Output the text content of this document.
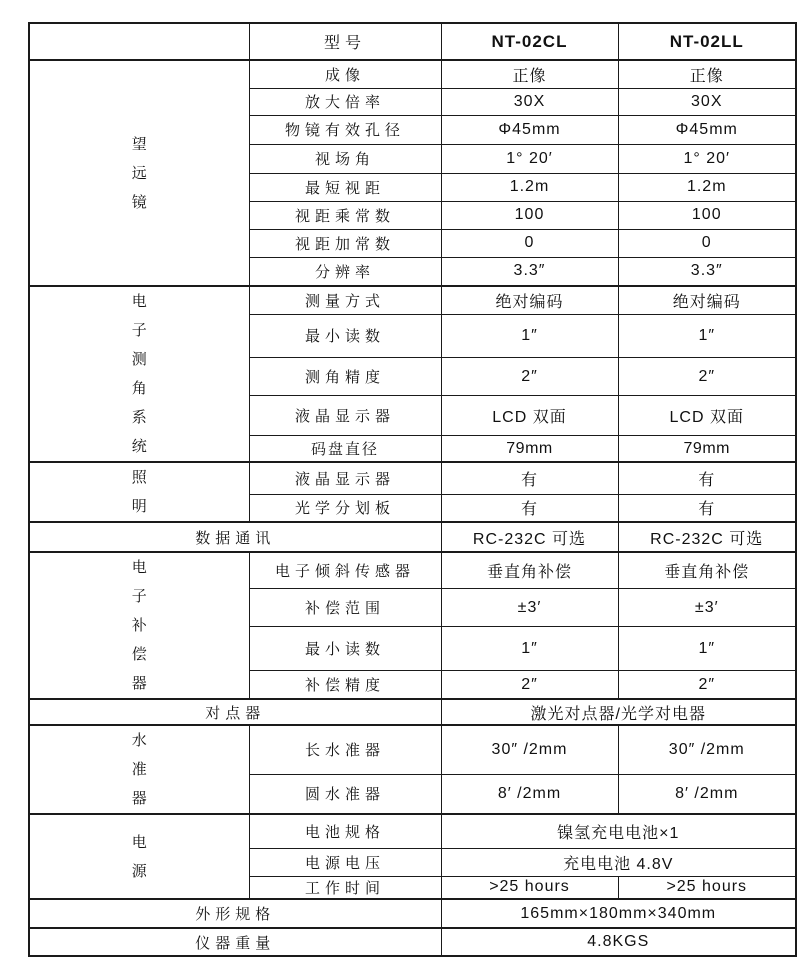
	型号	NT-02CL	NT-02LL

望
远
镜	成像	正像	正像
	放大倍率	30X	30X
	物镜有效孔径	Φ45mm	Φ45mm
	视场角	1° 20′	1° 20′
	最短视距	1.2m	1.2m
	视距乘常数	100	100
	视距加常数	0	0
	分辨率	3.3″	3.3″

电
子
测
角
系
统
	测量方式	绝对编码	绝对编码
	最小读数	1″	1″
	测角精度	2″	2″
	液晶显示器	LCD 双面	LCD 双面
	码盘直径	79mm	79mm

照
明	液晶显示器	有	有
	光学分划板	有	有
数据通讯		RC-232C 可选	RC-232C 可选

电
子
补
偿
器	电子倾斜传感器	垂直角补偿	垂直角补偿
	补偿范围	±3′	±3′
	最小读数	1″	1″
	补偿精度	2″	2″
对点器		激光对点器/光学对电器	

水
准
器	长水准器	30″ /2mm	30″ /2mm
	圆水准器	8′ /2mm	8′ /2mm

电
源	电池规格	镍氢充电电池×1	
	电源电压	充电电池 4.8V	
	工作时间	>25 hours	>25 hours
外形规格		165mm×180mm×340mm	
仪器重量		4.8KGS	
